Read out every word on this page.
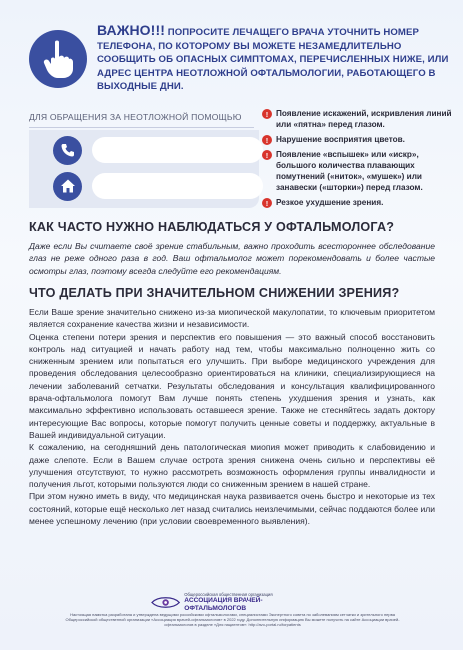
ВАЖНО!!! ПОПРОСИТЕ ЛЕЧАЩЕГО ВРАЧА УТОЧНИТЬ НОМЕР ТЕЛЕФОНА, ПО КОТОРОМУ ВЫ МОЖЕТЕ НЕЗАМЕДЛИТЕЛЬНО СООБЩИТЬ ОБ ОПАСНЫХ СИМПТОМАХ, ПЕРЕЧИСЛЕННЫХ НИЖЕ, ИЛИ АДРЕС ЦЕНТРА НЕОТЛОЖНОЙ ОФТАЛЬМОЛОГИИ, РАБОТАЮЩЕГО В ВЫХОДНЫЕ ДНИ.
ДЛЯ ОБРАЩЕНИЯ ЗА НЕОТЛОЖНОЙ ПОМОЩЬЮ	! Появление искажений, искривления линий или «пятна» перед глазом.
! Нарушение восприятия цветов.
! Появление «вспышек» или «искр», большого количества плавающих помутнений («ниток», «мушек») или занавески («шторки») перед глазом.
! Резкое ухудшение зрения.
КАК ЧАСТО НУЖНО НАБЛЮДАТЬСЯ У ОФТАЛЬМОЛОГА?

Даже если Вы считаете своё зрение стабильным, важно проходить всестороннее обследование глаз не реже одного раза в год. Ваш офтальмолог может порекомендовать и более частые осмотры глаз, поэтому всегда следуйте его рекомендациям.

ЧТО ДЕЛАТЬ ПРИ ЗНАЧИТЕЛЬНОМ СНИЖЕНИИ ЗРЕНИЯ?

Если Ваше зрение значительно снижено из-за миопической макулопатии, то ключевым приоритетом является сохранение качества жизни и независимости.

Оценка степени потери зрения и перспектив его повышения — это важный способ восстановить контроль над ситуацией и начать работу над тем, чтобы максимально полноценно жить со сниженным зрением или попытаться его улучшить. При выборе медицинского учреждения для проведения обследования целесообразно ориентироваться на клиники, специализирующиеся на лечении заболеваний сетчатки. Результаты обследования и консультация квалифицированного врача-офтальмолога помогут Вам лучше понять степень ухудшения зрения и узнать, как максимально эффективно использовать оставшееся зрение. Также не стесняйтесь задать доктору интересующие Вас вопросы, которые помогут получить ценные советы и поддержку, актуальные в Вашей индивидуальной ситуации.

К сожалению, на сегодняшний день патологическая миопия может приводить к слабовидению и даже слепоте. Если в Вашем случае острота зрения снижена очень сильно и перспективы её улучшения отсутствуют, то нужно рассмотреть возможность оформления группы инвалидности и получения льгот, которыми пользуются люди со сниженным зрением в нашей стране.

При этом нужно иметь в виду, что медицинская наука развивается очень быстро и некоторые из тех состояний, которые ещё несколько лет назад считались неизлечимыми, сейчас поддаются более или менее успешному лечению (при условии своевременного выявления).

Общероссийская общественная организация
АССОЦИАЦИЯ ВРАЧЕЙ-ОФТАЛЬМОЛОГОВ
Настоящая памятка разработана и утверждена ведущими российскими офтальмологами, специалистами Экспертного совета по заболеваниям сетчатки и зрительного нерва Общероссийской общественной организации «Ассоциация врачей-офтальмологов» в 2022 году. Дополнительную информацию Вы можете получить на сайте Ассоциации врачей-офтальмологов в разделе «Для пациентов»: http://avo-portal.ru/forpatients
